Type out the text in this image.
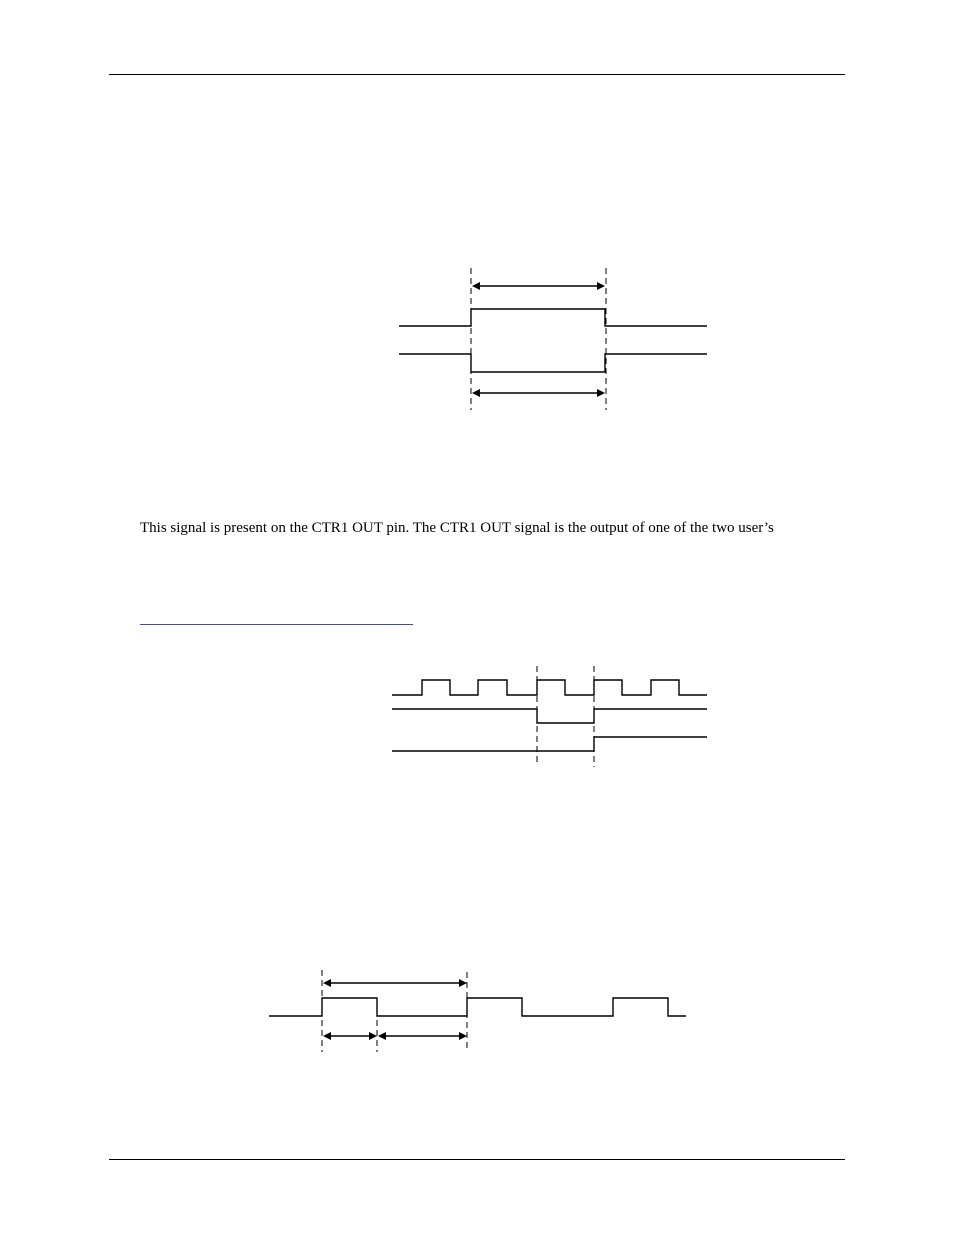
This signal is present on the CTR1 OUT pin. The CTR1 OUT signal is the output of one of the two user’s
